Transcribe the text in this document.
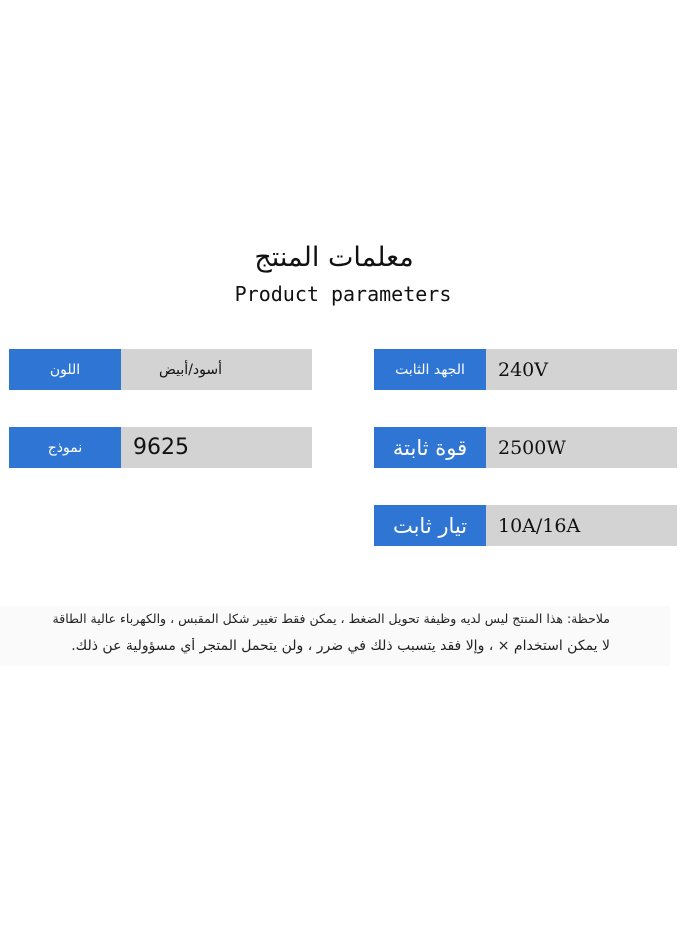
معلمات المنتج
Product parameters
اللون	أسود/أبيض
نموذج	9625
الجهد الثابت	240V
قوة ثابتة	2500W
تيار ثابت	10A/16A
ملاحظة: هذا المنتج ليس لديه وظيفة تحويل الضغط ، يمكن فقط تغيير شكل المقبس ، والكهرباء عالية الطاقة
لا يمكن استخدام × ، وإلا فقد يتسبب ذلك في ضرر ، ولن يتحمل المتجر أي مسؤولية عن ذلك.
